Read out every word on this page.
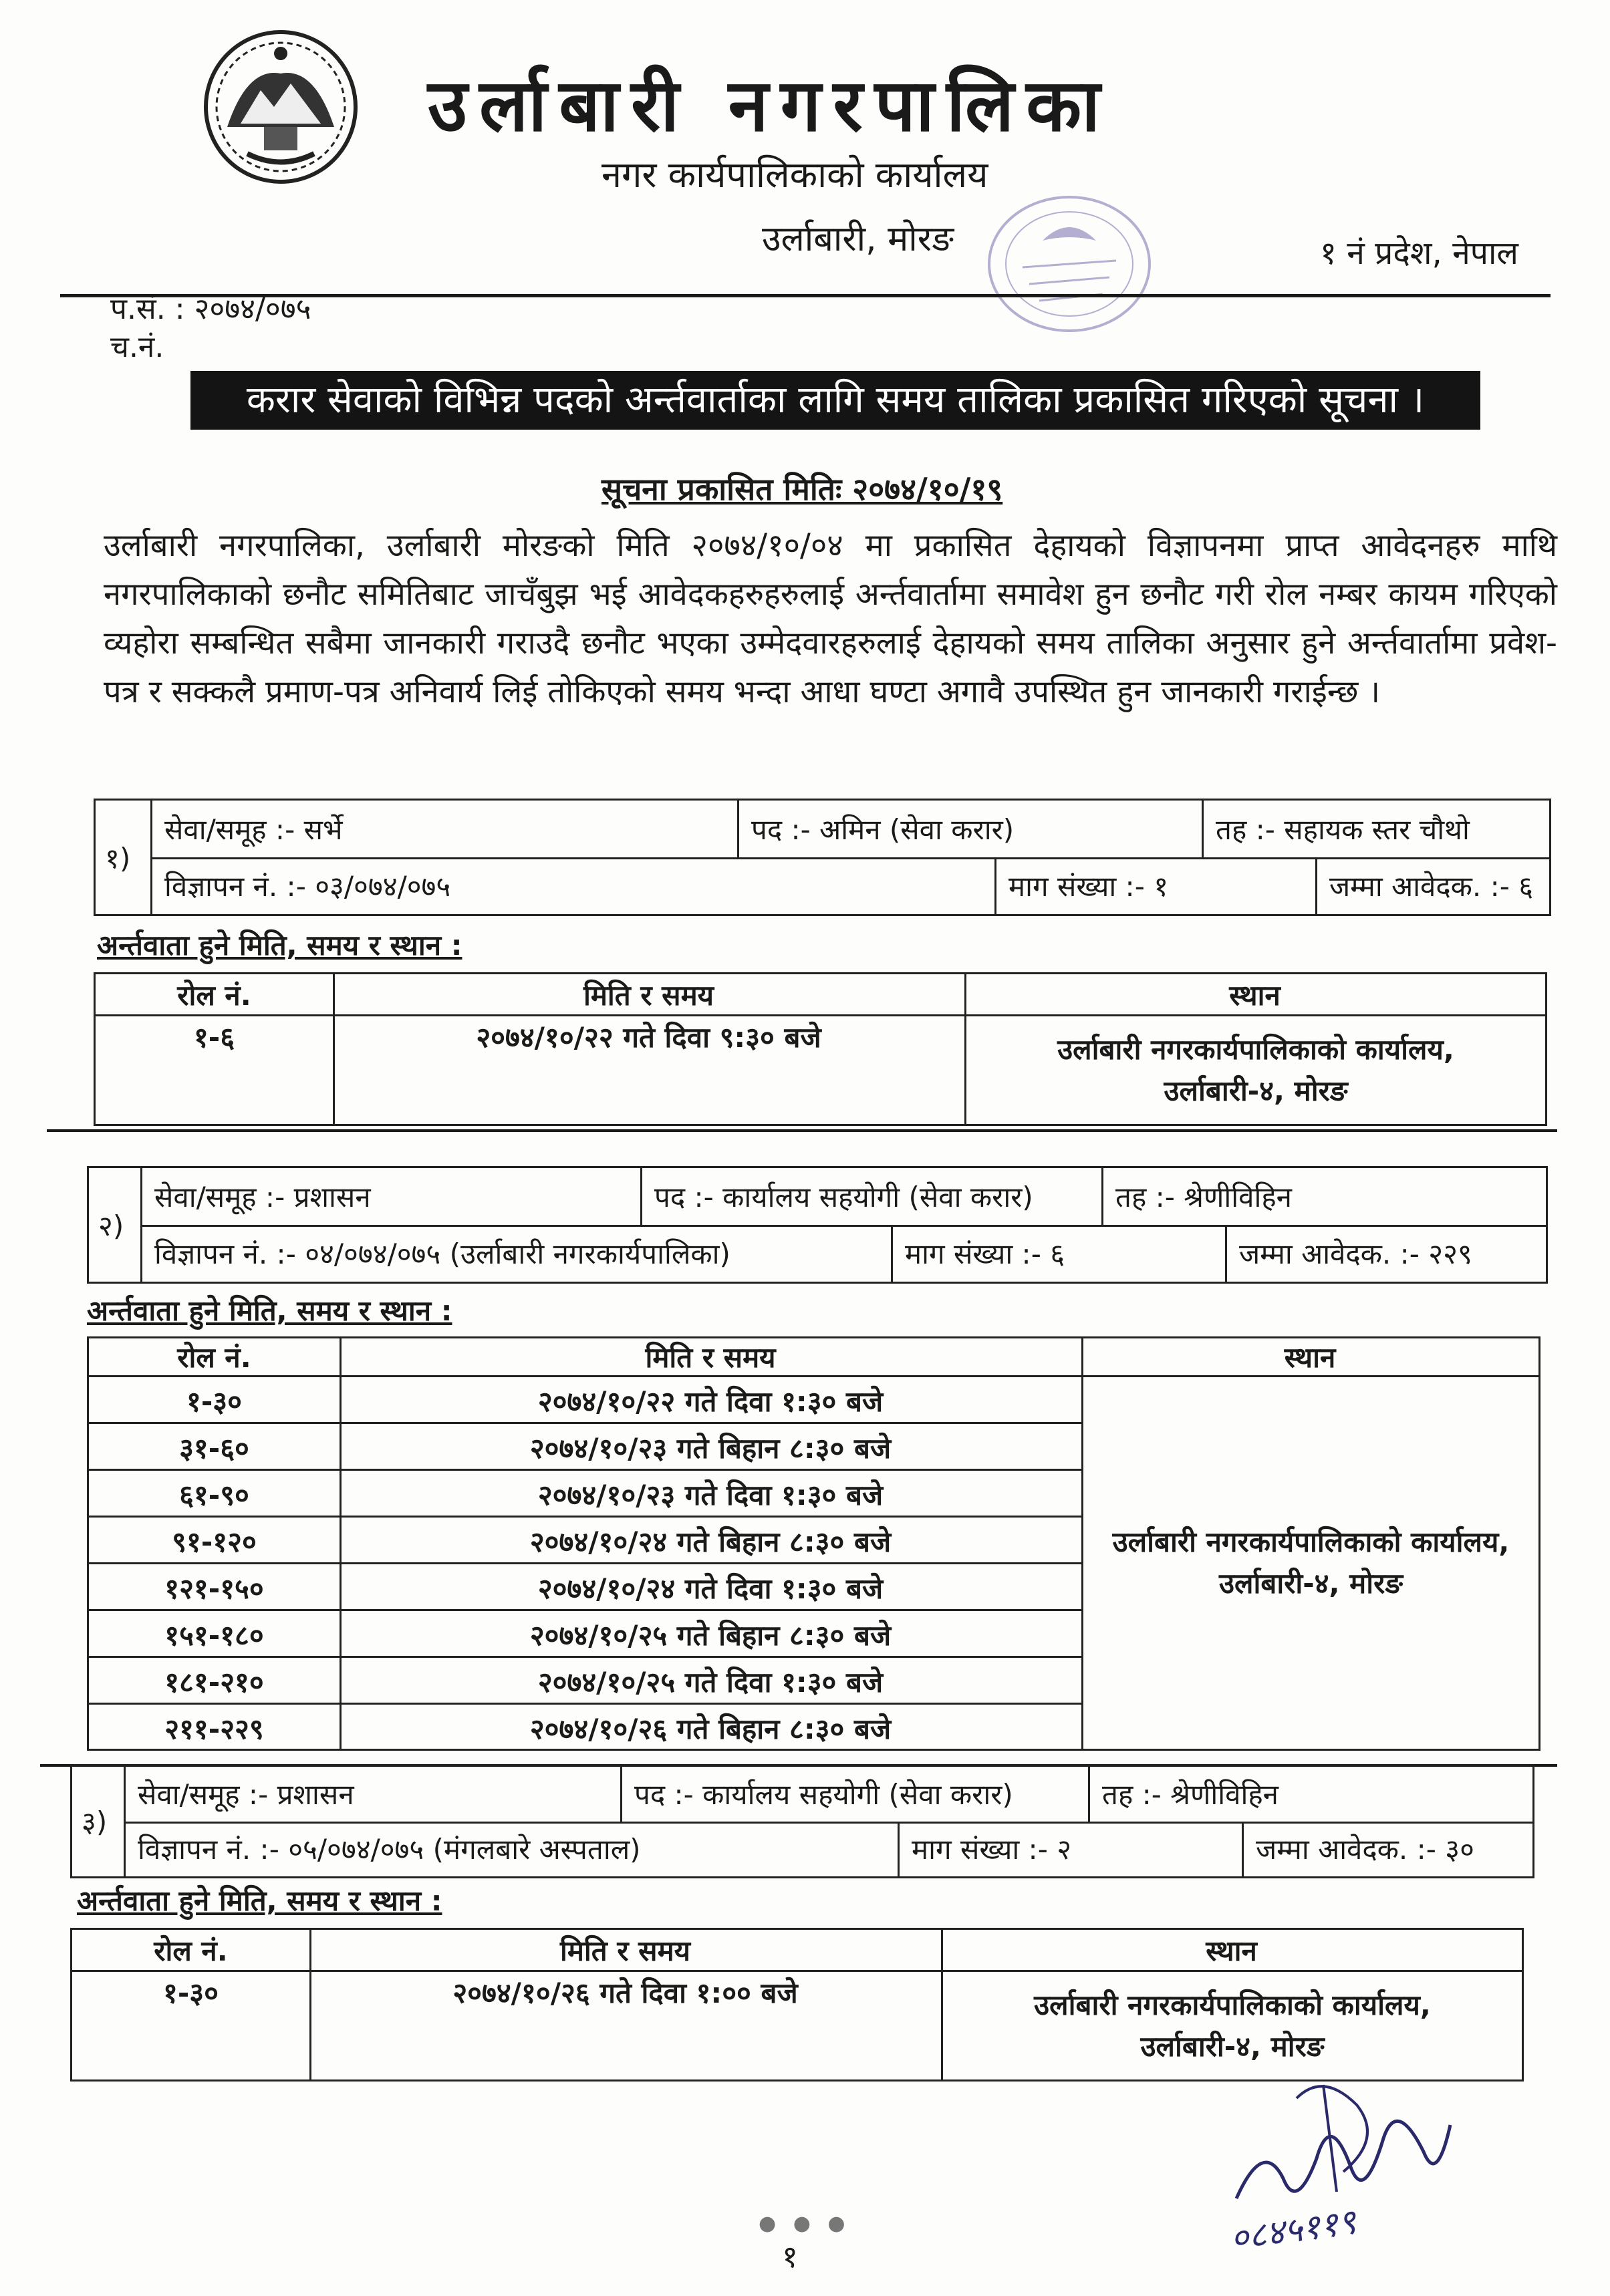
उर्लाबारी नगरपालिका
नगर कार्यपालिकाको कार्यालय
उर्लाबारी, मोरङ	१ नं प्रदेश, नेपाल
प.सं. : २०७४/०७५
च.नं.
करार सेवाको विभिन्न पदको अर्न्तवार्ताका लागि समय तालिका प्रकासित गरिएको सूचना ।
सूचना प्रकासित मितिः २०७४/१०/१९
उर्लाबारी नगरपालिका, उर्लाबारी मोरङको मिति २०७४/१०/०४ मा प्रकासित देहायको विज्ञापनमा प्राप्त आवेदनहरु माथि नगरपालिकाको छनौट समितिबाट जाचँबुझ भई आवेदकहरुहरुलाई अर्न्तवार्तामा समावेश हुन छनौट गरी रोल नम्बर कायम गरिएको व्यहोरा सम्बन्धित सबैमा जानकारी गराउदै छनौट भएका उम्मेदवारहरुलाई देहायको समय तालिका अनुसार हुने अर्न्तवार्तामा प्रवेश-पत्र र सक्कलै प्रमाण-पत्र अनिवार्य लिई तोकिएको समय भन्दा आधा घण्टा अगावै उपस्थित हुन जानकारी गराईन्छ ।
१)
सेवा/समूह :- सर्भे	पद :- अमिन (सेवा करार)	तह :- सहायक स्तर चौथो
विज्ञापन नं. :- ०३/०७४/०७५	माग संख्या :- १	जम्मा आवेदक. :- ६
अर्न्तवाता हुने मिति, समय र स्थान :
रोल नं.	मिति र समय	स्थान
१-६	२०७४/१०/२२ गते दिवा ९:३० बजे	उर्लाबारी नगरकार्यपालिकाको कार्यालय,
उर्लाबारी-४, मोरङ
२)
सेवा/समूह :- प्रशासन	पद :- कार्यालय सहयोगी (सेवा करार)	तह :- श्रेणीविहिन
विज्ञापन नं. :- ०४/०७४/०७५ (उर्लाबारी नगरकार्यपालिका)	माग संख्या :- ६	जम्मा आवेदक. :- २२९
अर्न्तवाता हुने मिति, समय र स्थान :
रोल नं.	मिति र समय	स्थान
१-३०	२०७४/१०/२२ गते दिवा १:३० बजे
३१-६०	२०७४/१०/२३ गते बिहान ८:३० बजे
६१-९०	२०७४/१०/२३ गते दिवा १:३० बजे
९१-१२०	२०७४/१०/२४ गते बिहान ८:३० बजे
१२१-१५०	२०७४/१०/२४ गते दिवा १:३० बजे
१५१-१८०	२०७४/१०/२५ गते बिहान ८:३० बजे
१८१-२१०	२०७४/१०/२५ गते दिवा १:३० बजे
२११-२२९	२०७४/१०/२६ गते बिहान ८:३० बजे
उर्लाबारी नगरकार्यपालिकाको कार्यालय,
उर्लाबारी-४, मोरङ
३)
सेवा/समूह :- प्रशासन	पद :- कार्यालय सहयोगी (सेवा करार)	तह :- श्रेणीविहिन
विज्ञापन नं. :- ०५/०७४/०७५ (मंगलबारे अस्पताल)	माग संख्या :- २	जम्मा आवेदक. :- ३०
अर्न्तवाता हुने मिति, समय र स्थान :
रोल नं.	मिति र समय	स्थान
१-३०	२०७४/१०/२६ गते दिवा १:०० बजे	उर्लाबारी नगरकार्यपालिकाको कार्यालय,
उर्लाबारी-४, मोरङ
०८४५११९
● ● ●
१
